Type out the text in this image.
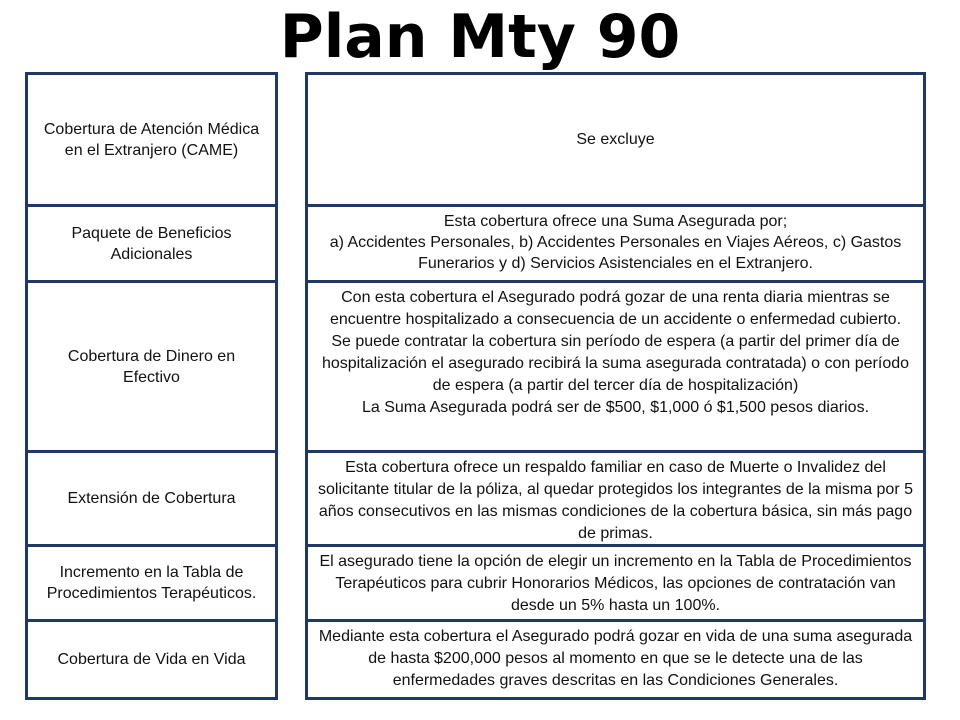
Plan Mty 90
Cobertura de Atención Médica en el Extranjero (CAME)
Paquete de Beneficios Adicionales
Cobertura de Dinero en Efectivo
Extensión de Cobertura
Incremento en la Tabla de Procedimientos Terapéuticos.
Cobertura de Vida en Vida
Se excluye
Esta cobertura ofrece una Suma Asegurada por;
a) Accidentes Personales, b) Accidentes Personales en Viajes Aéreos, c) Gastos Funerarios y d) Servicios Asistenciales en el Extranjero.
Con esta cobertura el Asegurado podrá gozar de una renta diaria mientras se encuentre hospitalizado a consecuencia de un accidente o enfermedad cubierto.
Se puede contratar la cobertura sin período de espera (a partir del primer día de hospitalización el asegurado recibirá la suma asegurada contratada) o con período de espera (a partir del tercer día de hospitalización)
La Suma Asegurada podrá ser de $500, $1,000 ó $1,500 pesos diarios.
Esta cobertura ofrece un respaldo familiar en caso de Muerte o Invalidez del solicitante titular de la póliza, al quedar protegidos los integrantes de la misma por 5 años consecutivos en las mismas condiciones de la cobertura básica, sin más pago de primas.
El asegurado tiene la opción de elegir un incremento en la Tabla de Procedimientos Terapéuticos para cubrir Honorarios Médicos, las opciones de contratación van desde un 5% hasta un 100%.
Mediante esta cobertura el Asegurado podrá gozar en vida de una suma asegurada de hasta $200,000 pesos al momento en que se le detecte una de las enfermedades graves descritas en las Condiciones Generales.
